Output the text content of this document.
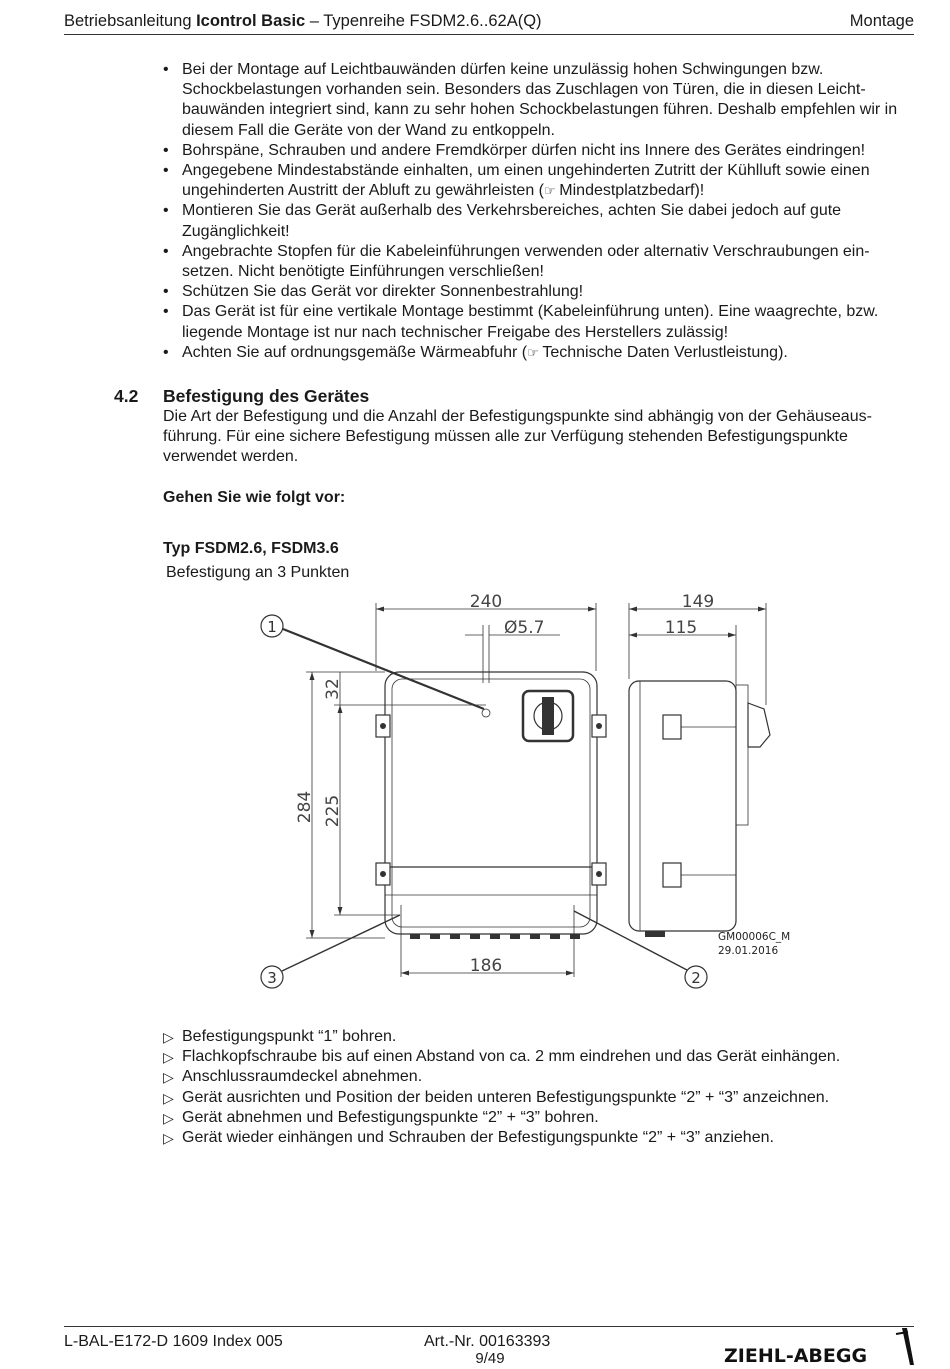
Betriebsanleitung Icontrol Basic – Typenreihe FSDM2.6..62A(Q)	Montage
• Bei der Montage auf Leichtbauwänden dürfen keine unzulässig hohen Schwingungen bzw. Schockbelastungen vorhanden sein. Besonders das Zuschlagen von Türen, die in diesen Leicht-bauwänden integriert sind, kann zu sehr hohen Schockbelastungen führen. Deshalb empfehlen wir in diesem Fall die Geräte von der Wand zu entkoppeln.
• Bohrspäne, Schrauben und andere Fremdkörper dürfen nicht ins Innere des Gerätes eindringen!
• Angegebene Mindestabstände einhalten, um einen ungehinderten Zutritt der Kühlluft sowie einen ungehinderten Austritt der Abluft zu gewährleisten (☞ Mindestplatzbedarf)!
• Montieren Sie das Gerät außerhalb des Verkehrsbereiches, achten Sie dabei jedoch auf gute Zugänglichkeit!
• Angebrachte Stopfen für die Kabeleinführungen verwenden oder alternativ Verschraubungen ein-setzen. Nicht benötigte Einführungen verschließen!
• Schützen Sie das Gerät vor direkter Sonnenbestrahlung!
• Das Gerät ist für eine vertikale Montage bestimmt (Kabeleinführung unten). Eine waagrechte, bzw. liegende Montage ist nur nach technischer Freigabe des Herstellers zulässig!
• Achten Sie auf ordnungsgemäße Wärmeabfuhr (☞ Technische Daten Verlustleistung).
4.2 Befestigung des Gerätes

Die Art der Befestigung und die Anzahl der Befestigungspunkte sind abhängig von der Gehäuseaus-führung. Für eine sichere Befestigung müssen alle zur Verfügung stehenden Befestigungspunkte verwendet werden.

Gehen Sie wie folgt vor:

Typ FSDM2.6, FSDM3.6

Befestigung an 3 Punkten

240
Ø5.7
149
115
284 225
32
186
1
2
3
GM00006C_M
29.01.2016
▷ Befestigungspunkt “1” bohren.
▷ Flachkopfschraube bis auf einen Abstand von ca. 2 mm eindrehen und das Gerät einhängen.
▷ Anschlussraumdeckel abnehmen.
▷ Gerät ausrichten und Position der beiden unteren Befestigungspunkte “2” + “3” anzeichnen.
▷ Gerät abnehmen und Befestigungspunkte “2” + “3” bohren.
▷ Gerät wieder einhängen und Schrauben der Befestigungspunkte “2” + “3” anziehen.
L-BAL-E172-D 1609 Index 005	Art.-Nr. 00163393
9/49	ZIEHL-ABEGG
